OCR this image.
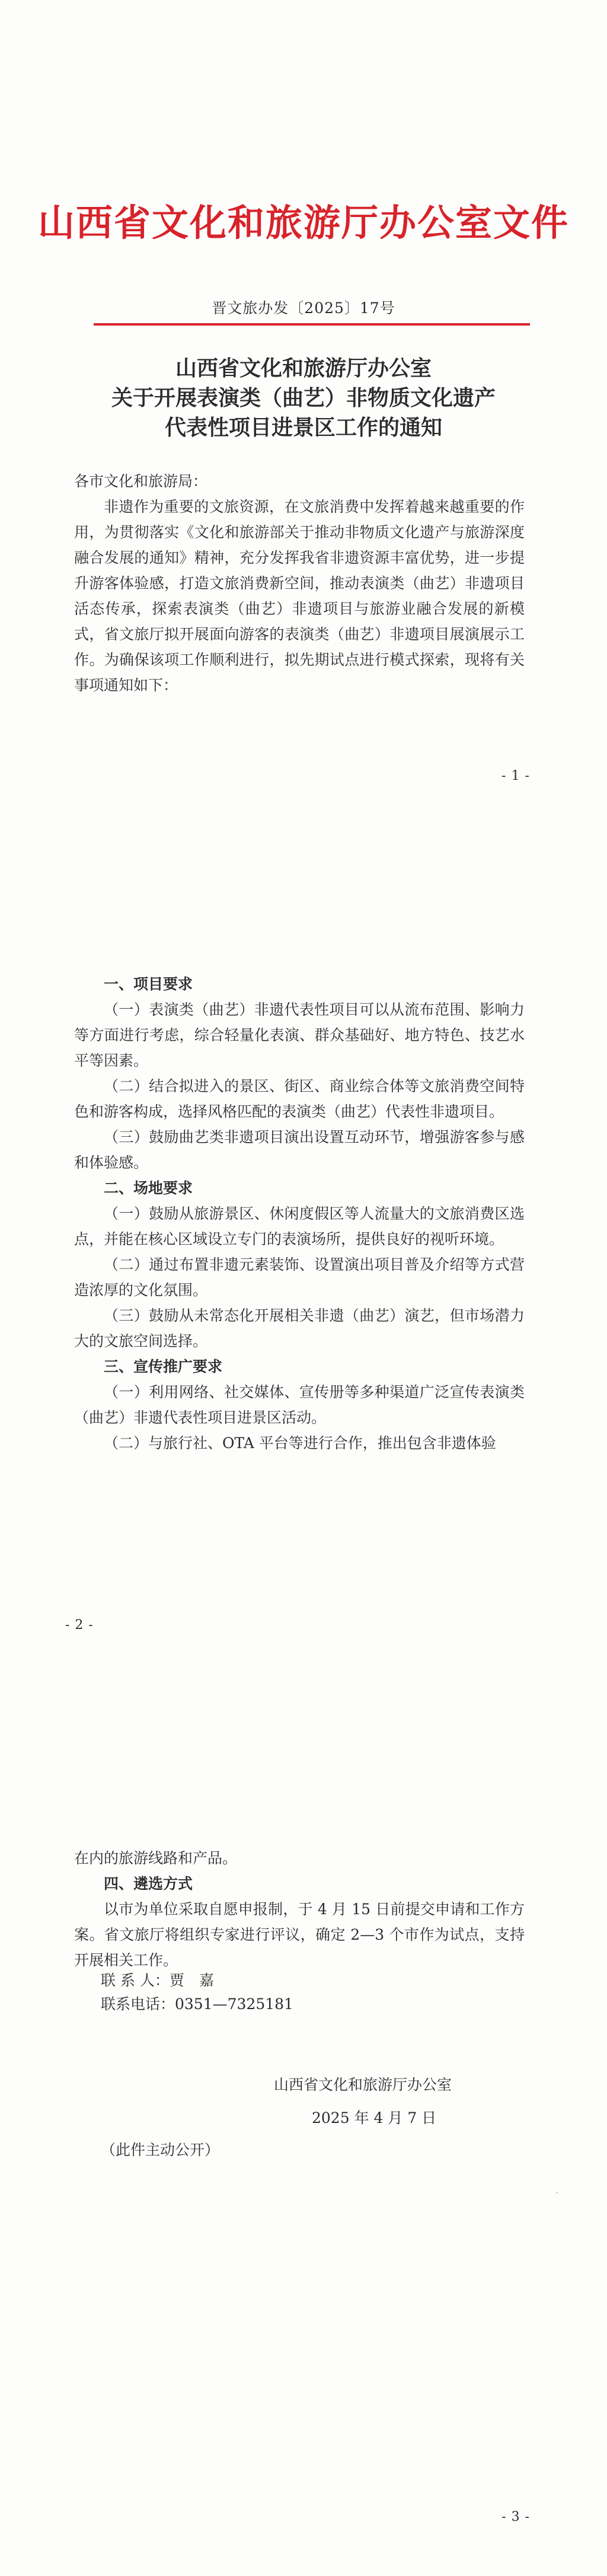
山西省文化和旅游厅办公室文件
晋文旅办发〔2025〕17号
山西省文化和旅游厅办公室
关于开展表演类（曲艺）非物质文化遗产
代表性项目进景区工作的通知

各市文化和旅游局：

非遗作为重要的文旅资源，在文旅消费中发挥着越来越重要的作用，为贯彻落实《文化和旅游部关于推动非物质文化遗产与旅游深度融合发展的通知》精神，充分发挥我省非遗资源丰富优势，进一步提升游客体验感，打造文旅消费新空间，推动表演类（曲艺）非遗项目活态传承，探索表演类（曲艺）非遗项目与旅游业融合发展的新模式，省文旅厅拟开展面向游客的表演类（曲艺）非遗项目展演展示工作。为确保该项工作顺利进行，拟先期试点进行模式探索，现将有关事项通知如下：

- 1 -

一、项目要求

（一）表演类（曲艺）非遗代表性项目可以从流布范围、影响力等方面进行考虑，综合轻量化表演、群众基础好、地方特色、技艺水平等因素。

（二）结合拟进入的景区、街区、商业综合体等文旅消费空间特色和游客构成，选择风格匹配的表演类（曲艺）代表性非遗项目。

（三）鼓励曲艺类非遗项目演出设置互动环节，增强游客参与感和体验感。

二、场地要求

（一）鼓励从旅游景区、休闲度假区等人流量大的文旅消费区选点，并能在核心区域设立专门的表演场所，提供良好的视听环境。

（二）通过布置非遗元素装饰、设置演出项目普及介绍等方式营造浓厚的文化氛围。

（三）鼓励从未常态化开展相关非遗（曲艺）演艺，但市场潜力大的文旅空间选择。

三、宣传推广要求

（一）利用网络、社交媒体、宣传册等多种渠道广泛宣传表演类（曲艺）非遗代表性项目进景区活动。

（二）与旅行社、OTA 平台等进行合作，推出包含非遗体验

- 2 -

在内的旅游线路和产品。

四、遴选方式

以市为单位采取自愿申报制，于 4 月 15 日前提交申请和工作方案。省文旅厅将组织专家进行评议，确定 2—3 个市作为试点，支持开展相关工作。

联 系 人：贾　嘉
联系电话：0351—7325181
山西省文化和旅游厅办公室
2025 年 4 月 7 日
（此件主动公开）
- 3 -
